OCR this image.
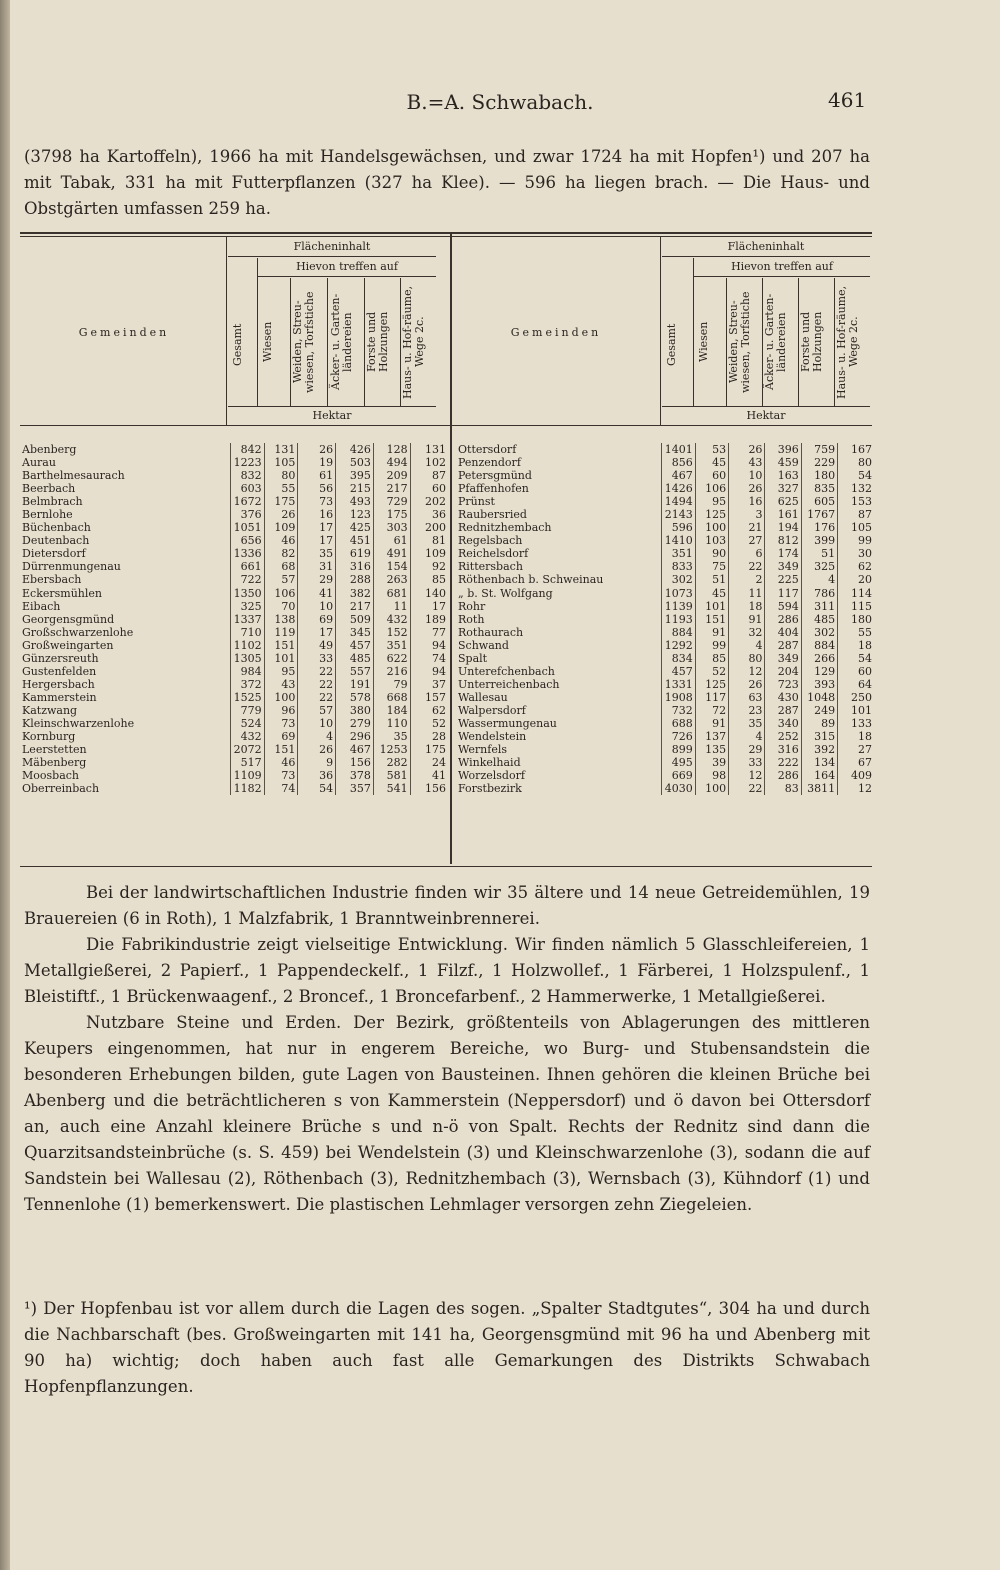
B.=A. Schwabach.	461

(3798 ha Kartoffeln), 1966 ha mit Handelsgewächsen, und zwar 1724 ha mit Hopfen¹) und 207 ha mit Tabak, 331 ha mit Futterpflanzen (327 ha Klee). — 596 ha liegen brach. — Die Haus- und Obstgärten umfassen 259 ha.

Gemeinden
Flächeninhalt
Hievon treffen auf
Gesamt	Wiesen	Weiden, Streu-wiesen, Torfstiche	Äcker- u. Garten-ländereien	Forste und Holzungen	Haus- u. Hof-räume, Wege 2c.
Hektar
Gemeinden
Flächeninhalt
Hievon treffen auf
Gesamt	Wiesen	Weiden, Streu-wiesen, Torfstiche	Äcker- u. Garten-ländereien	Forste und Holzungen	Haus- u. Hof-räume, Wege 2c.
Hektar
Abenberg	842	131	26	426	128	131
Aurau	1223	105	19	503	494	102
Barthelmesaurach	832	80	61	395	209	87
Beerbach	603	55	56	215	217	60
Belmbrach	1672	175	73	493	729	202
Bernlohe	376	26	16	123	175	36
Büchenbach	1051	109	17	425	303	200
Deutenbach	656	46	17	451	61	81
Dietersdorf	1336	82	35	619	491	109
Dürrenmungenau	661	68	31	316	154	92
Ebersbach	722	57	29	288	263	85
Eckersmühlen	1350	106	41	382	681	140
Eibach	325	70	10	217	11	17
Georgensgmünd	1337	138	69	509	432	189
Großschwarzenlohe	710	119	17	345	152	77
Großweingarten	1102	151	49	457	351	94
Günzersreuth	1305	101	33	485	622	74
Gustenfelden	984	95	22	557	216	94
Hergersbach	372	43	22	191	79	37
Kammerstein	1525	100	22	578	668	157
Katzwang	779	96	57	380	184	62
Kleinschwarzenlohe	524	73	10	279	110	52
Kornburg	432	69	4	296	35	28
Leerstetten	2072	151	26	467	1253	175
Mäbenberg	517	46	9	156	282	24
Moosbach	1109	73	36	378	581	41
Oberreinbach	1182	74	54	357	541	156
Ottersdorf	1401	53	26	396	759	167
Penzendorf	856	45	43	459	229	80
Petersgmünd	467	60	10	163	180	54
Pfaffenhofen	1426	106	26	327	835	132
Prünst	1494	95	16	625	605	153
Raubersried	2143	125	3	161	1767	87
Rednitzhembach	596	100	21	194	176	105
Regelsbach	1410	103	27	812	399	99
Reichelsdorf	351	90	6	174	51	30
Rittersbach	833	75	22	349	325	62
Röthenbach b. Schweinau	302	51	2	225	4	20
„ b. St. Wolfgang	1073	45	11	117	786	114
Rohr	1139	101	18	594	311	115
Roth	1193	151	91	286	485	180
Rothaurach	884	91	32	404	302	55
Schwand	1292	99	4	287	884	18
Spalt	834	85	80	349	266	54
Unterefchenbach	457	52	12	204	129	60
Unterreichenbach	1331	125	26	723	393	64
Wallesau	1908	117	63	430	1048	250
Walpersdorf	732	72	23	287	249	101
Wassermungenau	688	91	35	340	89	133
Wendelstein	726	137	4	252	315	18
Wernfels	899	135	29	316	392	27
Winkelhaid	495	39	33	222	134	67
Worzelsdorf	669	98	12	286	164	409
Forstbezirk	4030	100	22	83	3811	12

Bei der landwirtschaftlichen Industrie finden wir 35 ältere und 14 neue Getreidemühlen, 19 Brauereien (6 in Roth), 1 Malzfabrik, 1 Branntweinbrennerei.

Die Fabrikindustrie zeigt vielseitige Entwicklung. Wir finden nämlich 5 Glasschleifereien, 1 Metallgießerei, 2 Papierf., 1 Pappendeckelf., 1 Filzf., 1 Holzwollef., 1 Färberei, 1 Holzspulenf., 1 Bleistiftf., 1 Brückenwaagenf., 2 Broncef., 1 Broncefarbenf., 2 Hammerwerke, 1 Metallgießerei.

Nutzbare Steine und Erden. Der Bezirk, größtenteils von Ablagerungen des mittleren Keupers eingenommen, hat nur in engerem Bereiche, wo Burg- und Stubensandstein die besonderen Erhebungen bilden, gute Lagen von Bausteinen. Ihnen gehören die kleinen Brüche bei Abenberg und die beträchtlicheren s von Kammerstein (Neppersdorf) und ö davon bei Ottersdorf an, auch eine Anzahl kleinere Brüche s und n-ö von Spalt. Rechts der Rednitz sind dann die Quarzitsandsteinbrüche (s. S. 459) bei Wendelstein (3) und Kleinschwarzenlohe (3), sodann die auf Sandstein bei Wallesau (2), Röthenbach (3), Rednitzhembach (3), Wernsbach (3), Kühndorf (1) und Tennenlohe (1) bemerkenswert. Die plastischen Lehmlager versorgen zehn Ziegeleien.

¹) Der Hopfenbau ist vor allem durch die Lagen des sogen. „Spalter Stadtgutes“, 304 ha und durch die Nachbarschaft (bes. Großweingarten mit 141 ha, Georgensgmünd mit 96 ha und Abenberg mit 90 ha) wichtig; doch haben auch fast alle Gemarkungen des Distrikts Schwabach Hopfenpflanzungen.
